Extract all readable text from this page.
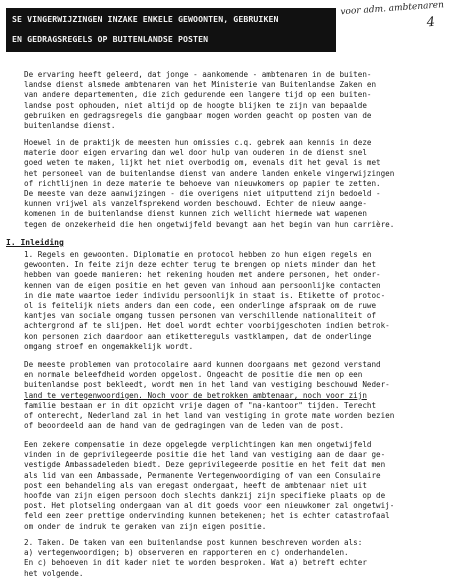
SE VINGERWIJZINGEN INZAKE ENKELE GEWOONTEN, GEBRUIKEN
EN GEDRAGSREGELS OP BUITENLANDSE POSTEN
voor adm. ambtenaren
4
De ervaring heeft geleerd, dat jonge - aankomende - ambtenaren in de buiten-
landse dienst alsmede ambtenaren van het Ministerie van Buitenlandse Zaken en
van andere departementen, die zich gedurende een langere tijd op een buiten-
landse post ophouden, niet altijd op de hoogte blijken te zijn van bepaalde
gebruiken en gedragsregels die gangbaar mogen worden geacht op posten van de
buitenlandse dienst.
Hoewel in de praktijk de meesten hun omissies c.q. gebrek aan kennis in deze
materie door eigen ervaring dan wel door hulp van ouderen in de dienst snel
goed weten te maken, lijkt het niet overbodig om, evenals dit het geval is met
het personeel van de buitenlandse dienst van andere landen enkele vingerwijzingen
of richtlijnen in deze materie te behoeve van nieuwkomers op papier te zetten.
De meeste van deze aanwijzingen - die overigens niet uitputtend zijn bedoeld -
kunnen vrijwel als vanzelfsprekend worden beschouwd. Echter de nieuw aange-
komenen in de buitenlandse dienst kunnen zich wellicht hiermede wat wapenen
tegen de onzekerheid die hen ongetwijfeld bevangt aan het begin van hun carrière.
I. Inleiding
1. Regels en gewoonten. Diplomatie en protocol hebben zo hun eigen regels en
gewoonten. In feite zijn deze echter terug te brengen op niets minder dan het
hebben van goede manieren: het rekening houden met andere personen, het onder-
kennen van de eigen positie en het geven van inhoud aan persoonlijke contacten
in die mate waartoe ieder individu persoonlijk in staat is. Etikette of protoc-
ol is feitelijk niets anders dan een code, een onderlinge afspraak om de ruwe
kantjes van sociale omgang tussen personen van verschillende nationaliteit of
achtergrond af te slijpen. Het doel wordt echter voorbijgeschoten indien betrok-
kon personen zich daardoor aan etikettereguls vastklampen, dat de onderlinge
omgang stroef en ongemakkelijk wordt.
De meeste problemen van protocolaire aard kunnen doorgaans met gezond verstand
en normale beleefdheid worden opgelost. Ongeacht de positie die men op een
buitenlandse post bekleedt, wordt men in het land van vestiging beschouwd Neder-
land te vertegenwoordigen. Noch voor de betrokken ambtenaar, noch voor zijn
familie bestaan er in dit opzicht vrije dagen of "na-kantoor" tijden. Terecht
of onterecht, Nederland zal in het land van vestiging in grote mate worden bezien
of beoordeeld aan de hand van de gedragingen van de leden van de post.
Een zekere compensatie in deze opgelegde verplichtingen kan men ongetwijfeld
vinden in de geprivilegeerde positie die het land van vestiging aan de daar ge-
vestigde Ambassadeleden biedt. Deze geprivilegeerde positie en het feit dat men
als lid van een Ambassade, Permanente Vertegenwoordiging of van een Consulaire
post een behandeling als van eregast ondergaat, heeft de ambtenaar niet uit
hoofde van zijn eigen persoon doch slechts dankzij zijn specifieke plaats op de
post. Het plotseling ondergaan van al dit goeds voor een nieuwkomer zal ongetwij-
feld een zeer prettige ondervinding kunnen betekenen; het is echter catastrofaal
om onder de indruk te geraken van zijn eigen positie.
2. Taken. De taken van een buitenlandse post kunnen beschreven worden als:
a) vertegenwoordigen; b) observeren en rapporteren en c) onderhandelen.
En c) behoeven in dit kader niet te worden besproken. Wat a) betreft echter
het volgende.
